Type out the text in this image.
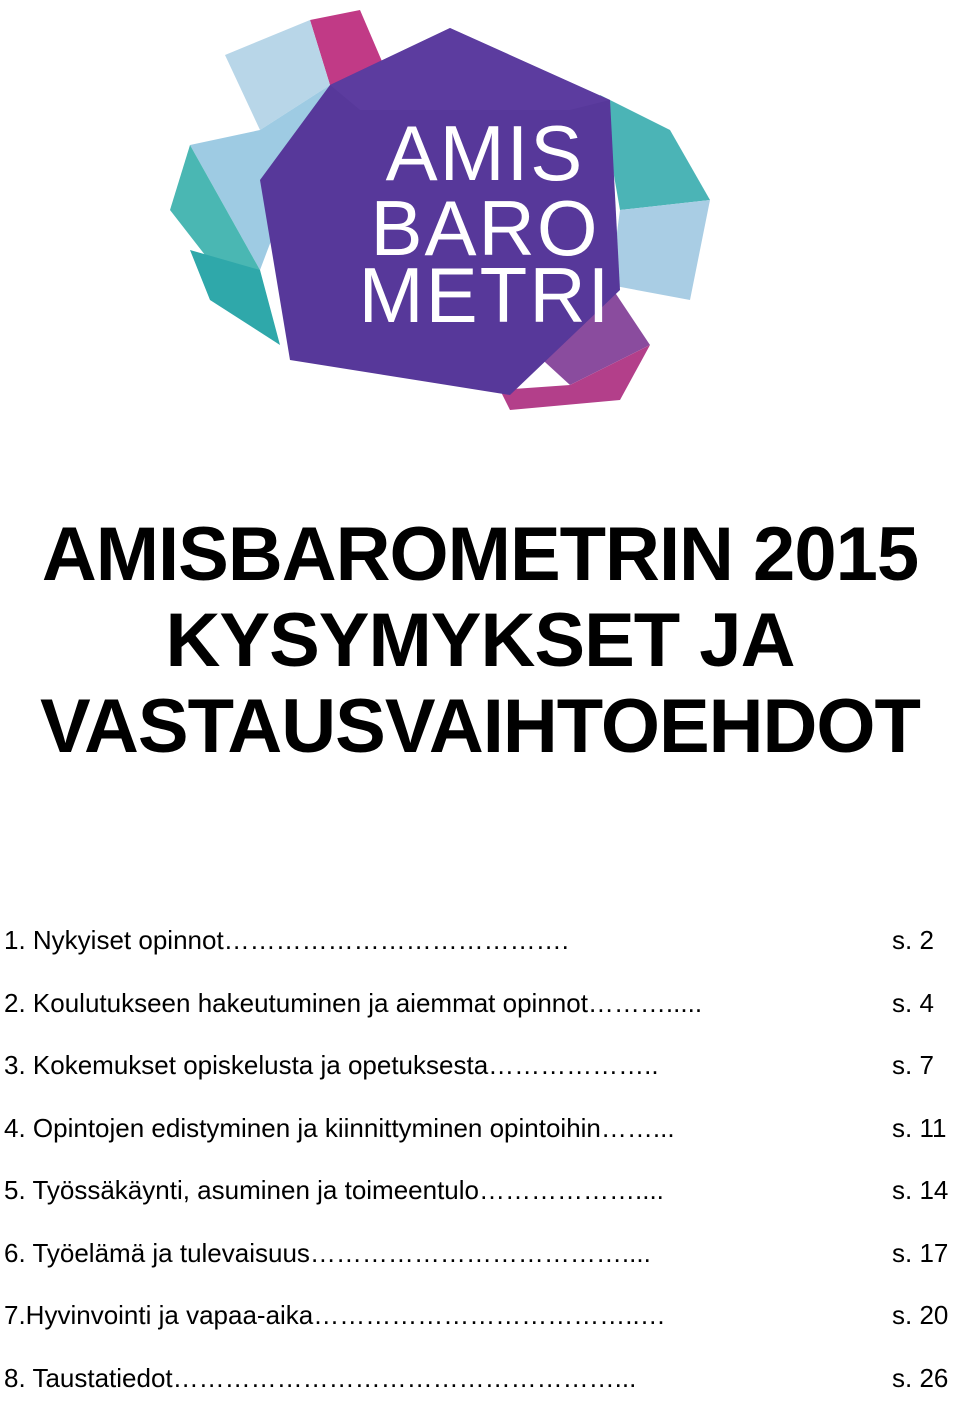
AMIS
BARO
METRI
AMISBAROMETRIN 2015
KYSYMYKSET JA
VASTAUSVAIHTOEHDOT
1. Nykyiset opinnot………………………………….	s. 2
2. Koulutukseen hakeutuminen ja aiemmat opinnot……….....	s. 4
3. Kokemukset opiskelusta ja opetuksesta………………..	s. 7
4. Opintojen edistyminen ja kiinnittyminen opintoihin……...	s. 11
5. Työssäkäynti, asuminen ja toimeentulo………………....	s. 14
6. Työelämä ja tulevaisuus………………………………....	s. 17
7.Hyvinvointi ja vapaa-aika………………………………..…	s. 20
8. Taustatiedot……………………………………………...	s. 26
